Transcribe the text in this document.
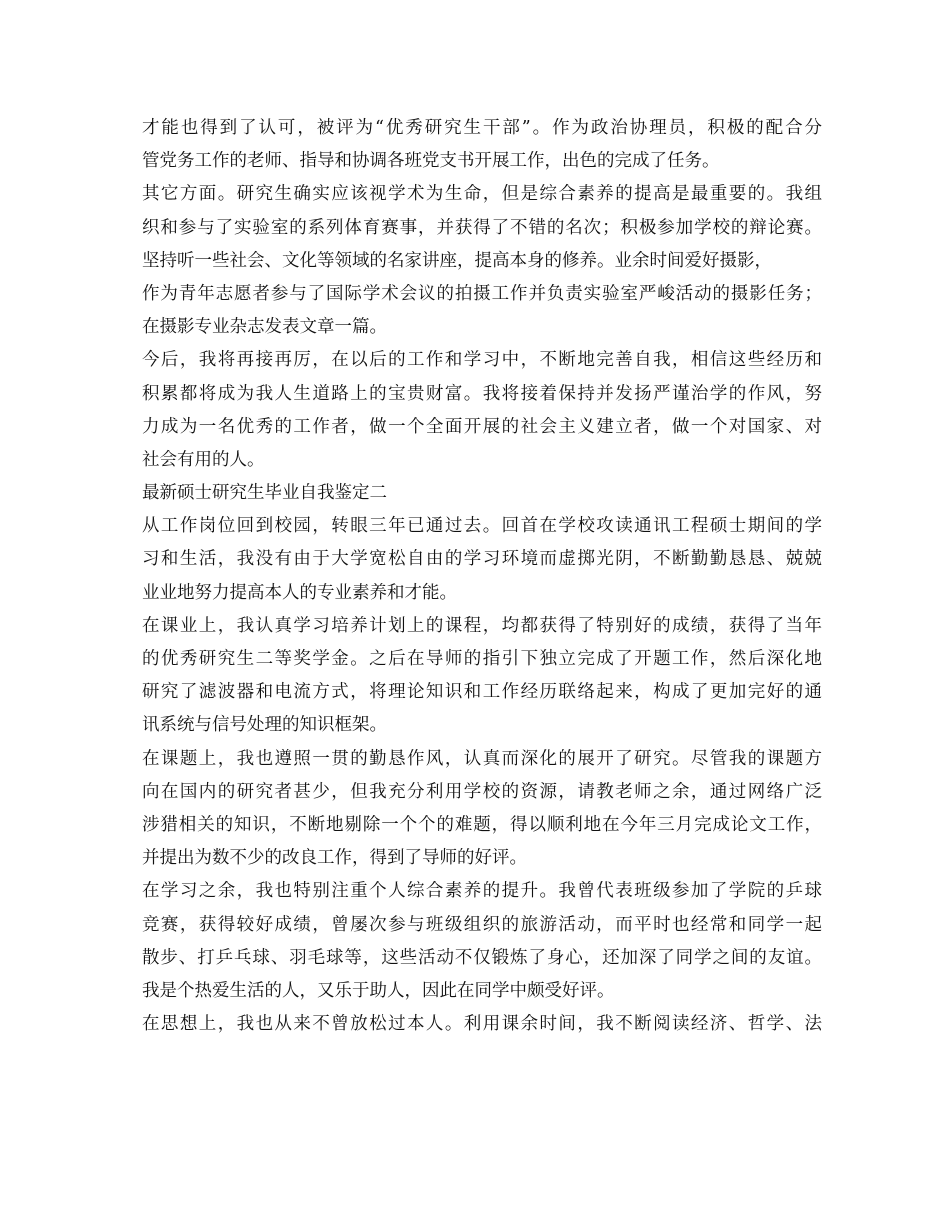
才能也得到了认可，被评为“优秀研究生干部”。作为政治协理员，积极的配合分
管党务工作的老师、指导和协调各班党支书开展工作，出色的完成了任务。
其它方面。研究生确实应该视学术为生命，但是综合素养的提高是最重要的。我组
织和参与了实验室的系列体育赛事，并获得了不错的名次；积极参加学校的辩论赛。
坚持听一些社会、文化等领域的名家讲座，提高本身的修养。业余时间爱好摄影，
作为青年志愿者参与了国际学术会议的拍摄工作并负责实验室严峻活动的摄影任务；
在摄影专业杂志发表文章一篇。
今后，我将再接再厉，在以后的工作和学习中，不断地完善自我，相信这些经历和
积累都将成为我人生道路上的宝贵财富。我将接着保持并发扬严谨治学的作风，努
力成为一名优秀的工作者，做一个全面开展的社会主义建立者，做一个对国家、对
社会有用的人。
最新硕士研究生毕业自我鉴定二
从工作岗位回到校园，转眼三年已通过去。回首在学校攻读通讯工程硕士期间的学
习和生活，我没有由于大学宽松自由的学习环境而虚掷光阴，不断勤勤恳恳、兢兢
业业地努力提高本人的专业素养和才能。
在课业上，我认真学习培养计划上的课程，均都获得了特别好的成绩，获得了当年
的优秀研究生二等奖学金。之后在导师的指引下独立完成了开题工作，然后深化地
研究了滤波器和电流方式，将理论知识和工作经历联络起来，构成了更加完好的通
讯系统与信号处理的知识框架。
在课题上，我也遵照一贯的勤恳作风，认真而深化的展开了研究。尽管我的课题方
向在国内的研究者甚少，但我充分利用学校的资源，请教老师之余，通过网络广泛
涉猎相关的知识，不断地剔除一个个的难题，得以顺利地在今年三月完成论文工作，
并提出为数不少的改良工作，得到了导师的好评。
在学习之余，我也特别注重个人综合素养的提升。我曾代表班级参加了学院的乒球
竞赛，获得较好成绩，曾屡次参与班级组织的旅游活动，而平时也经常和同学一起
散步、打乒乓球、羽毛球等，这些活动不仅锻炼了身心，还加深了同学之间的友谊。
我是个热爱生活的人，又乐于助人，因此在同学中颇受好评。
在思想上，我也从来不曾放松过本人。利用课余时间，我不断阅读经济、哲学、法
